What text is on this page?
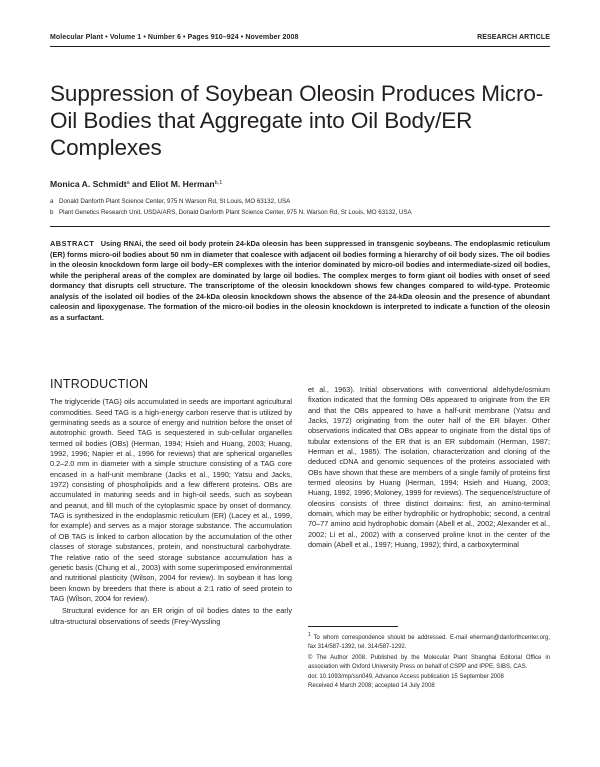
Molecular Plant • Volume 1 • Number 6 • Pages 910–924 • November 2008	RESEARCH ARTICLE
Suppression of Soybean Oleosin Produces Micro-Oil Bodies that Aggregate into Oil Body/ER Complexes
Monica A. Schmidt$^a$ and Eliot M. Herman$^{b,1}$
a Donald Danforth Plant Science Center, 975 N Warson Rd, St Louis, MO 63132, USA
b Plant Genetics Research Unit, USDA/ARS, Donald Danforth Plant Science Center, 975 N. Warson Rd, St Louis, MO 63132, USA

ABSTRACT Using RNAi, the seed oil body protein 24-kDa oleosin has been suppressed in transgenic soybeans. The endoplasmic reticulum (ER) forms micro-oil bodies about 50 nm in diameter that coalesce with adjacent oil bodies forming a hierarchy of oil body sizes. The oil bodies in the oleosin knockdown form large oil body–ER complexes with the interior dominated by micro-oil bodies and intermediate-sized oil bodies, while the peripheral areas of the complex are dominated by large oil bodies. The complex merges to form giant oil bodies with onset of seed dormancy that disrupts cell structure. The transcriptome of the oleosin knockdown shows few changes compared to wild-type. Proteomic analysis of the isolated oil bodies of the 24-kDa oleosin knockdown shows the absence of the 24-kDa oleosin and the presence of abundant caleosin and lipoxygenase. The formation of the micro-oil bodies in the oleosin knockdown is interpreted to indicate a function of the oleosin as a surfactant.

INTRODUCTION

The triglyceride (TAG) oils accumulated in seeds are important agricultural commodities. Seed TAG is a high-energy carbon reserve that is utilized by germinating seeds as a source of energy and nutrition before the onset of autotrophic growth. Seed TAG is sequestered in sub-cellular organelles termed oil bodies (OBs) (Herman, 1994; Hsieh and Huang, 2003; Huang, 1992, 1996; Napier et al., 1996 for reviews) that are spherical organelles 0.2–2.0 mm in diameter with a simple structure consisting of a TAG core encased in a half-unit membrane (Jacks et al., 1990; Yatsu and Jacks, 1972) consisting of phospholipids and a few different proteins. OBs are accumulated in maturing seeds and in high-oil seeds, such as soybean and peanut, and fill much of the cytoplasmic space by onset of dormancy. TAG is synthesized in the endoplasmic reticulum (ER) (Lacey et al., 1999, for example) and serves as a major storage substance. The accumulation of OB TAG is linked to carbon allocation by the accumulation of the other classes of storage substances, protein, and nonstructural carbohydrate. The relative ratio of the seed storage substance accumulation has a genetic basis (Chung et al., 2003) with some superimposed environmental and nutritional plasticity (Wilson, 2004 for review). In soybean it has long been known by breeders that there is about a 2:1 ratio of seed protein to TAG (Wilson, 2004 for review).

Structural evidence for an ER origin of oil bodies dates to the early ultra-structural observations of seeds (Frey-Wyssling

et al., 1963). Initial observations with conventional aldehyde/osmium fixation indicated that the forming OBs appeared to originate from the ER and that the OBs appeared to have a half-unit membrane (Yatsu and Jacks, 1972) originating from the outer half of the ER bilayer. Other observations indicated that OBs appear to originate from the distal tips of tubular extensions of the ER that is an ER subdomain (Herman, 1987; Herman et al., 1985). The isolation, characterization and cloning of the deduced cDNA and genomic sequences of the proteins associated with OBs have shown that these are members of a single family of proteins first termed oleosins by Huang (Herman, 1994; Hsieh and Huang, 2003; Huang, 1992, 1996; Moloney, 1999 for reviews). The sequence/structure of oleosins consists of three distinct domains: first, an amino-terminal domain, which may be either hydrophilic or hydrophobic; second, a central 70–77 amino acid hydrophobic domain (Abell et al., 2002; Alexander et al., 2002; Li et al., 2002) with a conserved proline knot in the center of the domain (Abell et al., 1997; Huang, 1992); third, a carboxyterminal

$^1$ To whom correspondence should be addressed. E-mail eherman@danforthcenter.org, fax 314/587-1392, tel. 314/587-1292.

© The Author 2008. Published by the Molecular Plant Shanghai Editorial Office in association with Oxford University Press on behalf of CSPP and IPPE, SIBS, CAS.

doi: 10.1093/mp/ssn049, Advance Access publication 15 September 2008

Received 4 March 2008; accepted 14 July 2008
